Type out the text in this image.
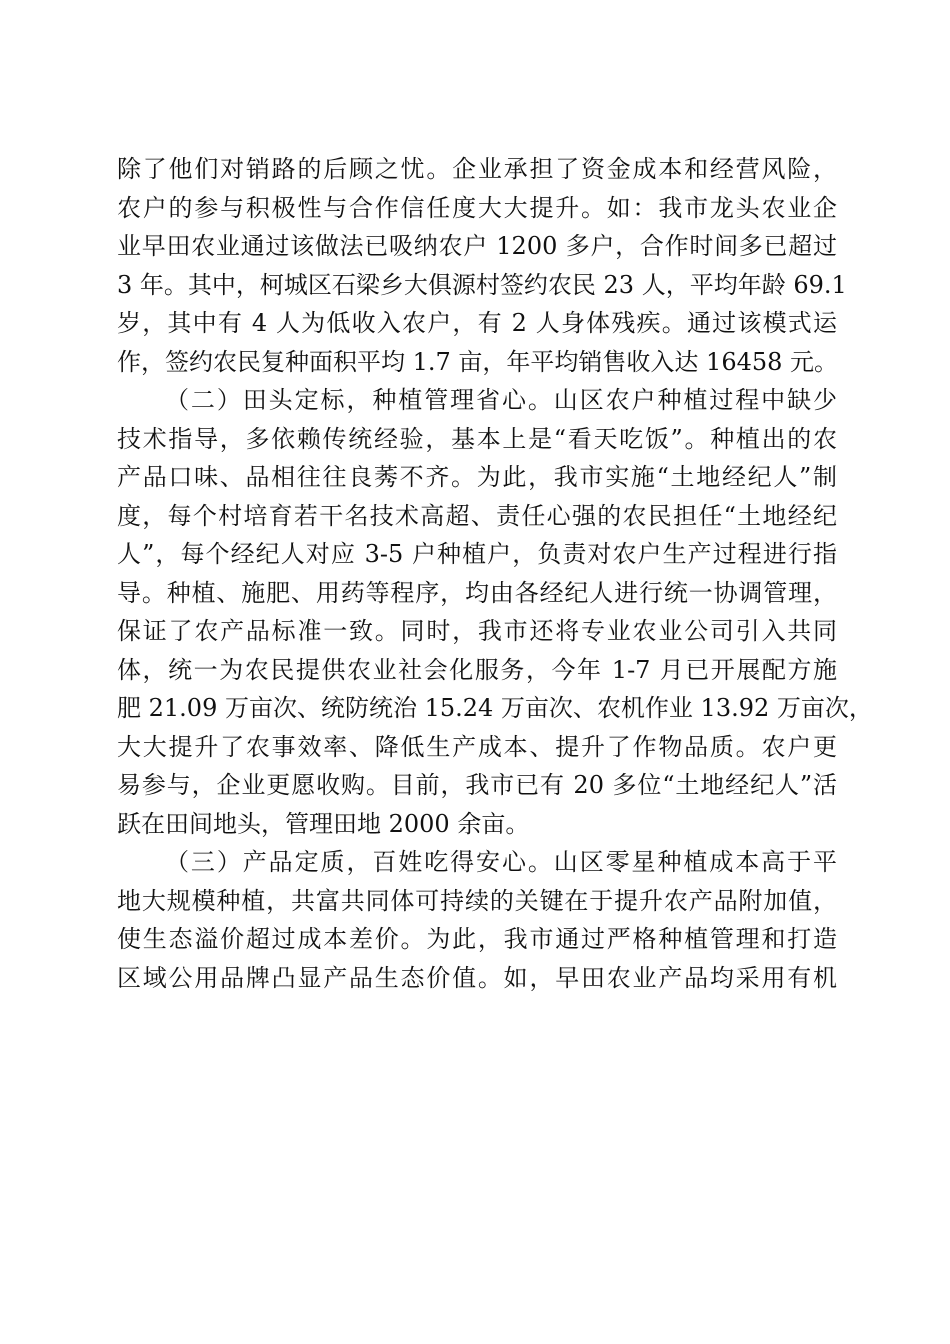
除了他们对销路的后顾之忧。企业承担了资金成本和经营风险，
农户的参与积极性与合作信任度大大提升。如：我市龙头农业企
业早田农业通过该做法已吸纳农户 1200 多户，合作时间多已超过
3 年。其中，柯城区石梁乡大俱源村签约农民 23 人，平均年龄 69.1
岁，其中有 4 人为低收入农户，有 2 人身体残疾。通过该模式运
作，签约农民复种面积平均 1.7 亩，年平均销售收入达 16458 元。
（二）田头定标，种植管理省心。山区农户种植过程中缺少
技术指导，多依赖传统经验，基本上是“看天吃饭”。种植出的农
产品口味、品相往往良莠不齐。为此，我市实施“土地经纪人”制
度，每个村培育若干名技术高超、责任心强的农民担任“土地经纪
人”，每个经纪人对应 3-5 户种植户，负责对农户生产过程进行指
导。种植、施肥、用药等程序，均由各经纪人进行统一协调管理，
保证了农产品标准一致。同时，我市还将专业农业公司引入共同
体，统一为农民提供农业社会化服务，今年 1-7 月已开展配方施
肥 21.09 万亩次、统防统治 15.24 万亩次、农机作业 13.92 万亩次，
大大提升了农事效率、降低生产成本、提升了作物品质。农户更
易参与，企业更愿收购。目前，我市已有 20 多位“土地经纪人”活
跃在田间地头，管理田地 2000 余亩。
（三）产品定质，百姓吃得安心。山区零星种植成本高于平
地大规模种植，共富共同体可持续的关键在于提升农产品附加值，
使生态溢价超过成本差价。为此，我市通过严格种植管理和打造
区域公用品牌凸显产品生态价值。如，早田农业产品均采用有机
